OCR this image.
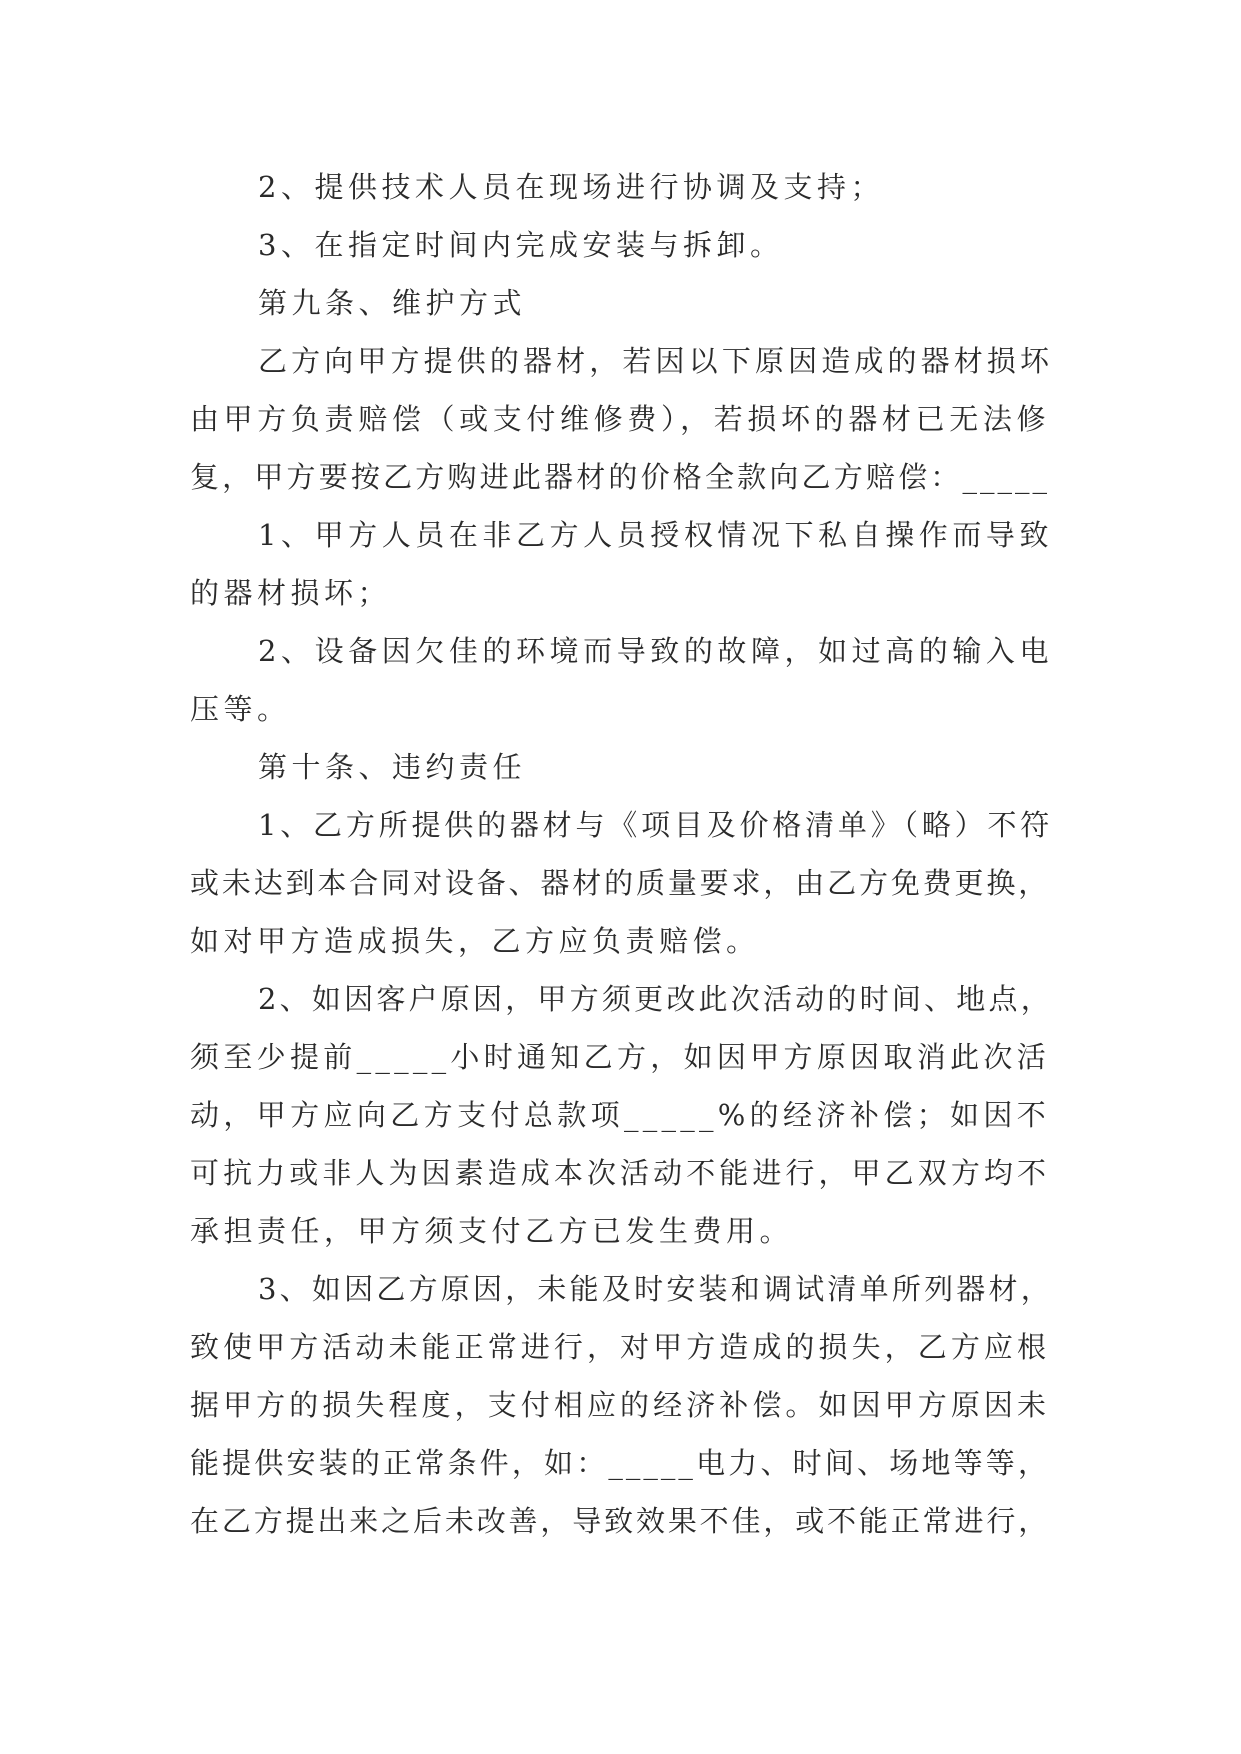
2、提供技术人员在现场进行协调及支持；
3、在指定时间内完成安装与拆卸。
第九条、维护方式
乙方向甲方提供的器材，若因以下原因造成的器材损坏
由甲方负责赔偿（或支付维修费），若损坏的器材已无法修
复，甲方要按乙方购进此器材的价格全款向乙方赔偿：_____
1、甲方人员在非乙方人员授权情况下私自操作而导致
的器材损坏；
2、设备因欠佳的环境而导致的故障，如过高的输入电
压等。
第十条、违约责任
1、乙方所提供的器材与《项目及价格清单》（略）不符
或未达到本合同对设备、器材的质量要求，由乙方免费更换，
如对甲方造成损失，乙方应负责赔偿。
2、如因客户原因，甲方须更改此次活动的时间、地点，
须至少提前_____小时通知乙方，如因甲方原因取消此次活
动，甲方应向乙方支付总款项_____%的经济补偿；如因不
可抗力或非人为因素造成本次活动不能进行，甲乙双方均不
承担责任，甲方须支付乙方已发生费用。
3、如因乙方原因，未能及时安装和调试清单所列器材，
致使甲方活动未能正常进行，对甲方造成的损失，乙方应根
据甲方的损失程度，支付相应的经济补偿。如因甲方原因未
能提供安装的正常条件，如：_____电力、时间、场地等等，
在乙方提出来之后未改善，导致效果不佳，或不能正常进行，
